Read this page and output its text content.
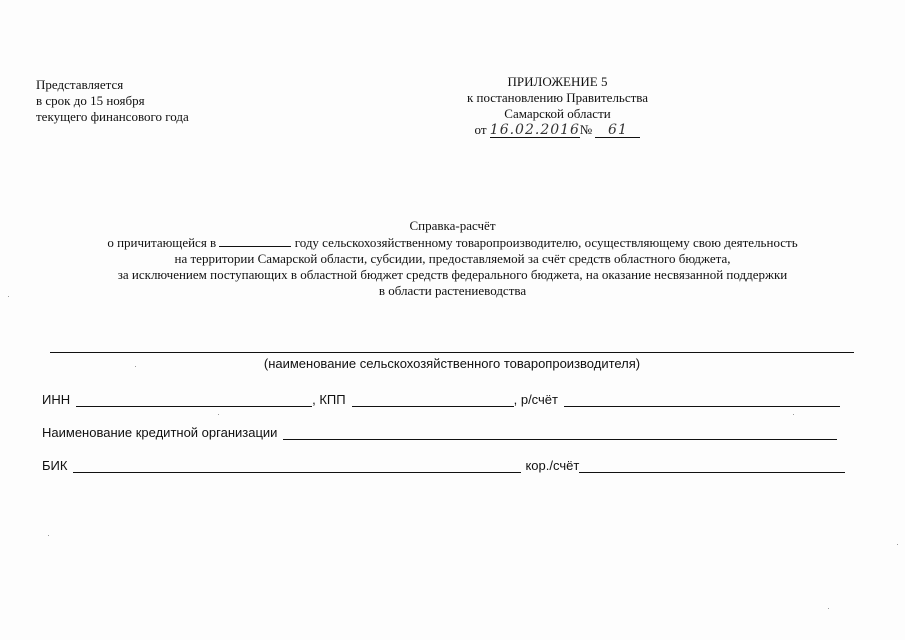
Представляется
в срок до 15 ноября
текущего финансового года
ПРИЛОЖЕНИЕ 5
к постановлению Правительства
Самарской области
от 16.02.2016№ 61
Справка-расчёт
о причитающейся в	году сельскохозяйственному товаропроизводителю, осуществляющему свою деятельность
на территории Самарской области, субсидии, предоставляемой за счёт средств областного бюджета,
за исключением поступающих в областной бюджет средств федерального бюджета, на оказание несвязанной поддержки
в области растениеводства
(наименование сельскохозяйственного товаропроизводителя)
ИНН	, КПП	, р/счёт
Наименование кредитной организации
БИК	кор./счёт
